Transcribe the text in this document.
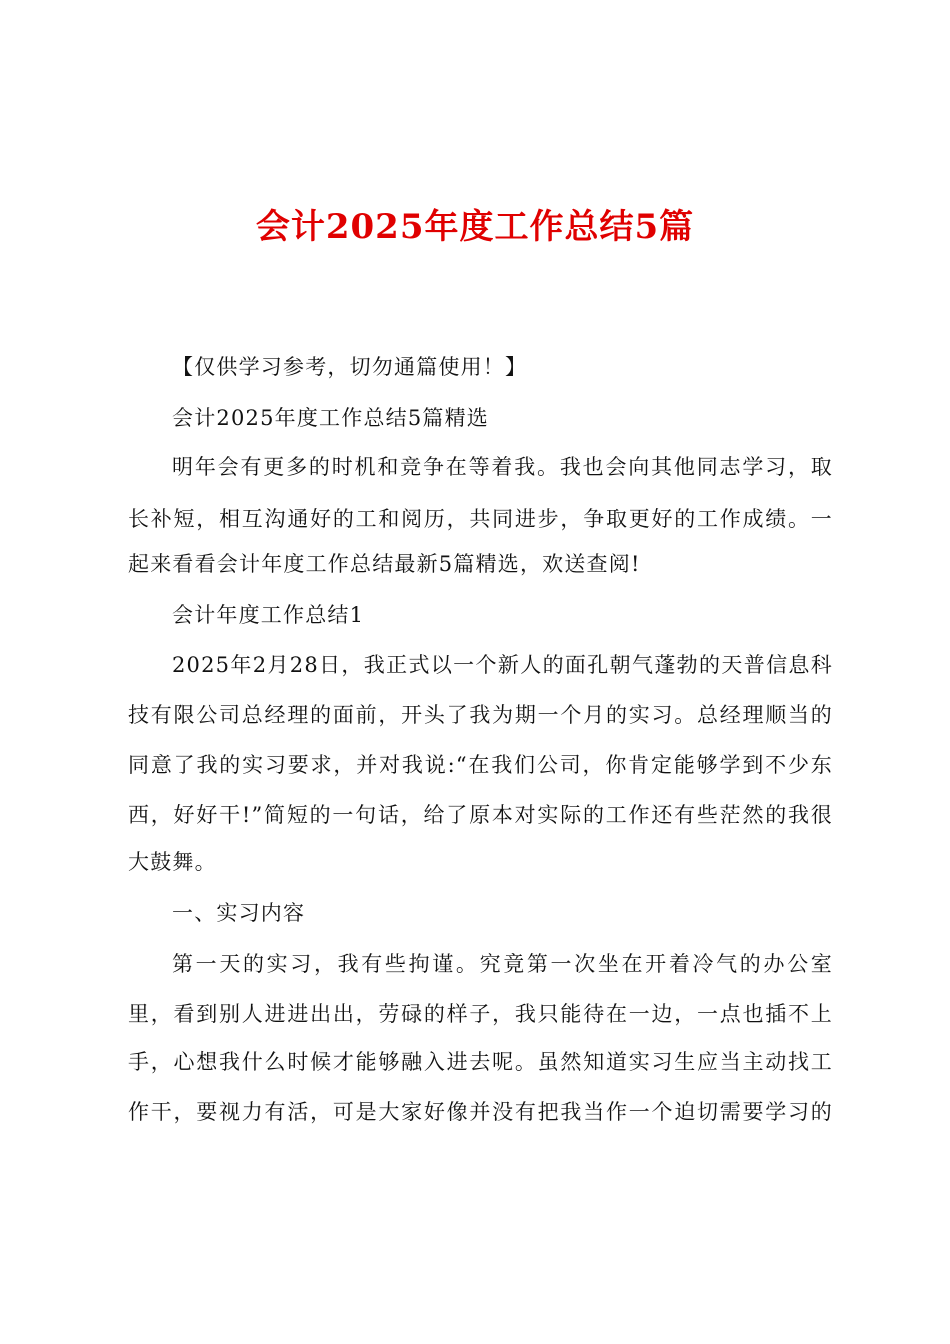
会计2025年度工作总结5篇
【仅供学习参考，切勿通篇使用！】
会计2025年度工作总结5篇精选
明年会有更多的时机和竞争在等着我。我也会向其他同志学习，取
长补短，相互沟通好的工和阅历，共同进步，争取更好的工作成绩。一
起来看看会计年度工作总结最新5篇精选，欢送查阅!
会计年度工作总结1
2025年2月28日，我正式以一个新人的面孔朝气蓬勃的天普信息科
技有限公司总经理的面前，开头了我为期一个月的实习。总经理顺当的
同意了我的实习要求，并对我说:“在我们公司，你肯定能够学到不少东
西，好好干!”简短的一句话，给了原本对实际的工作还有些茫然的我很
大鼓舞。
一、实习内容
第一天的实习，我有些拘谨。究竟第一次坐在开着冷气的办公室
里，看到别人进进出出，劳碌的样子，我只能待在一边，一点也插不上
手，心想我什么时候才能够融入进去呢。虽然知道实习生应当主动找工
作干，要视力有活，可是大家好像并没有把我当作一个迫切需要学习的
